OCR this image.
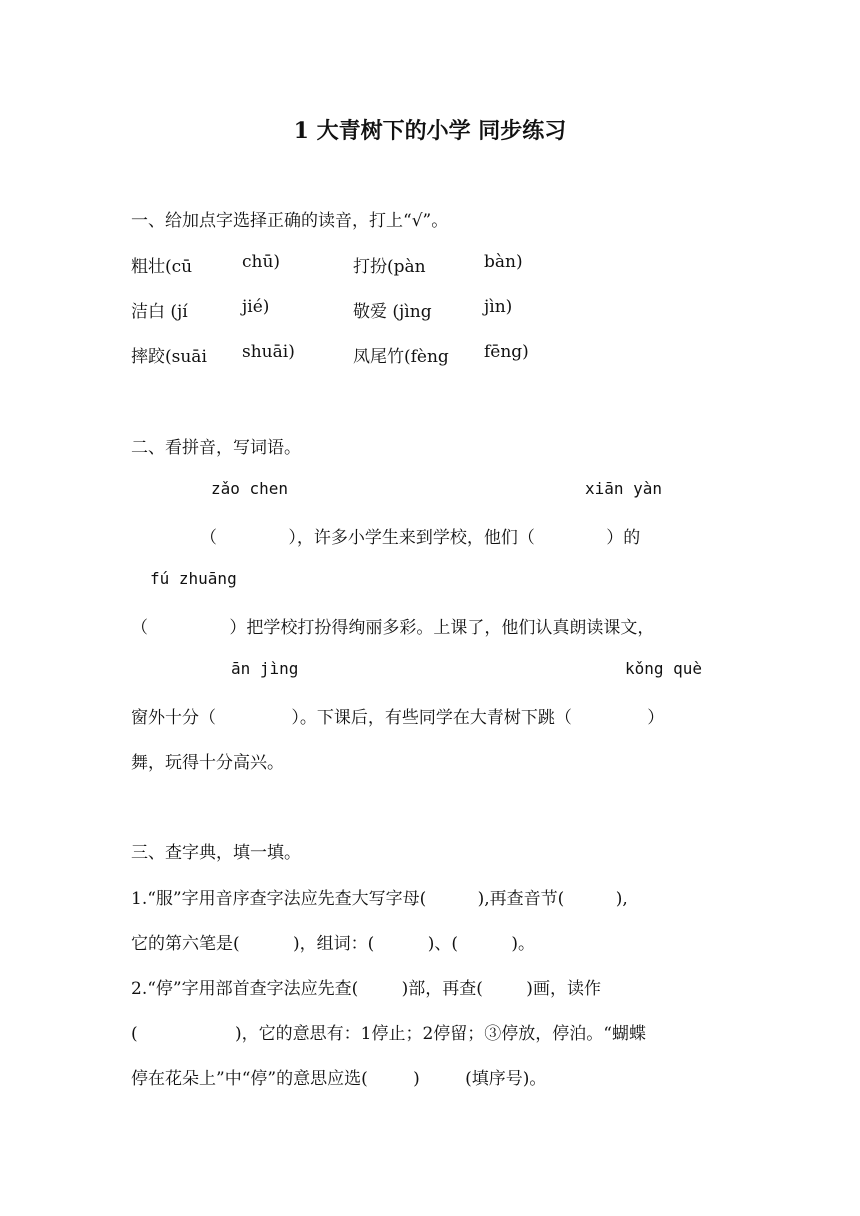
1 大青树下的小学 同步练习
一、给加点字选择正确的读音，打上“√”。
粗壮(cū	chū)	打扮(pàn	bàn)
洁白 (jí	jié)	敬爱 (jìng	jìn)
摔跤(suāi shuāi)	凤尾竹(fèng fēng)
二、看拼音，写词语。
zǎo chen	xiān yàn
（ ），许多小学生来到学校，他们（ ）的
fú zhuāng
（ ）把学校打扮得绚丽多彩。上课了，他们认真朗读课文，
ān jìng	kǒng què
窗外十分（ ）。下课后，有些同学在大青树下跳（ ）
舞，玩得十分高兴。
三、查字典，填一填。
1.“服”字用音序查字法应先查大写字母( ),再查音节( ),
它的第六笔是( )，组词：( )、( )。
2.“停”字用部首查字法应先查( )部，再查( )画，读作
( )，它的意思有：1停止；2停留；③停放，停泊。“蝴蝶
停在花朵上”中“停”的意思应选( ) (填序号)。
